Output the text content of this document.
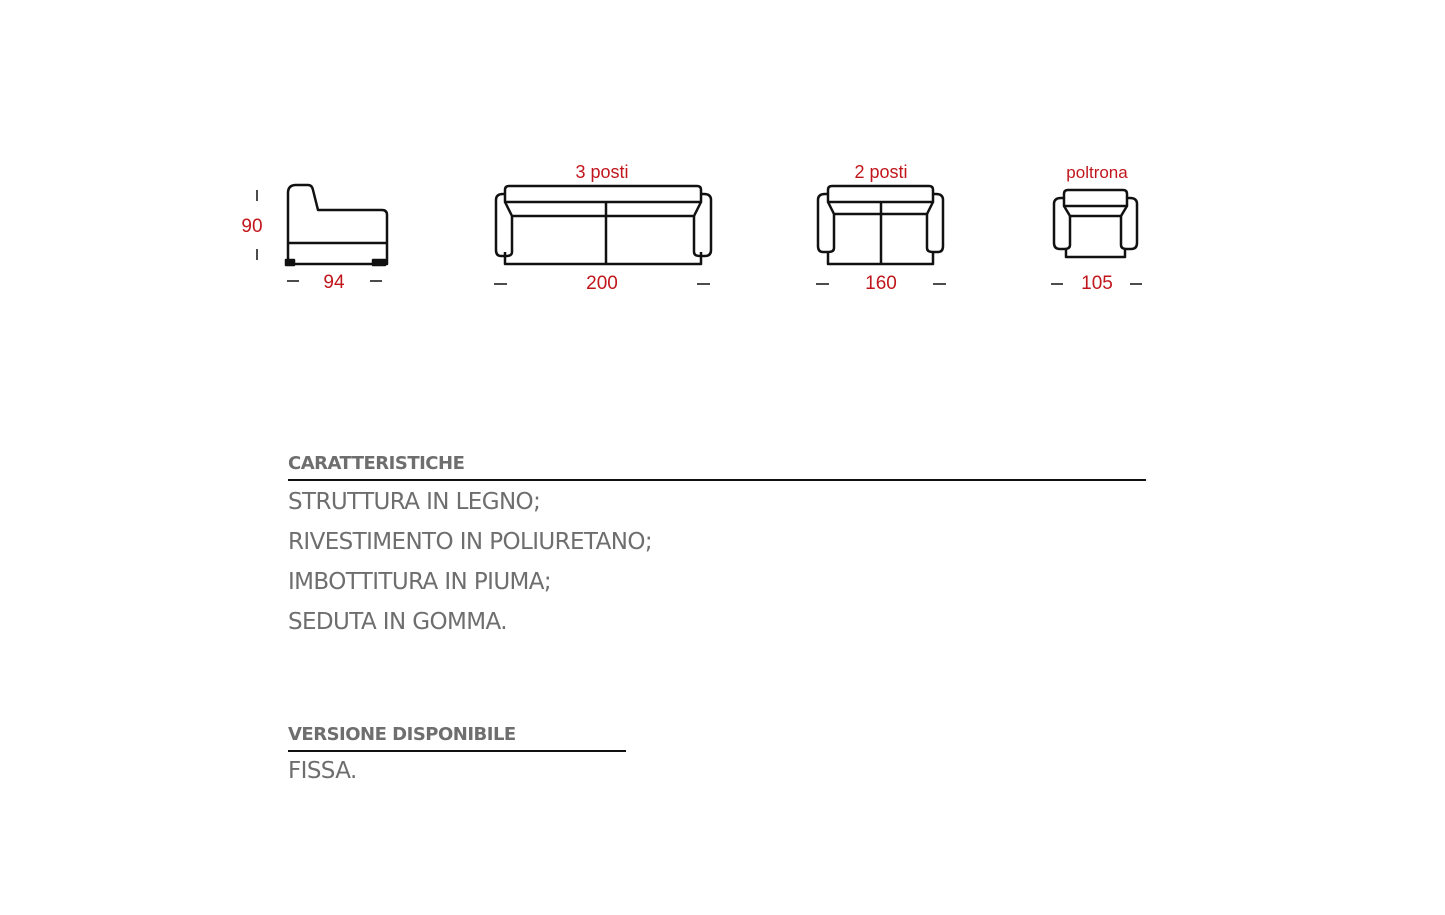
90
94
3 posti
200
2 posti
160
poltrona
105
CARATTERISTICHE
STRUTTURA IN LEGNO;
RIVESTIMENTO IN POLIURETANO;
IMBOTTITURA IN PIUMA;
SEDUTA IN GOMMA.
VERSIONE DISPONIBILE

FISSA.
